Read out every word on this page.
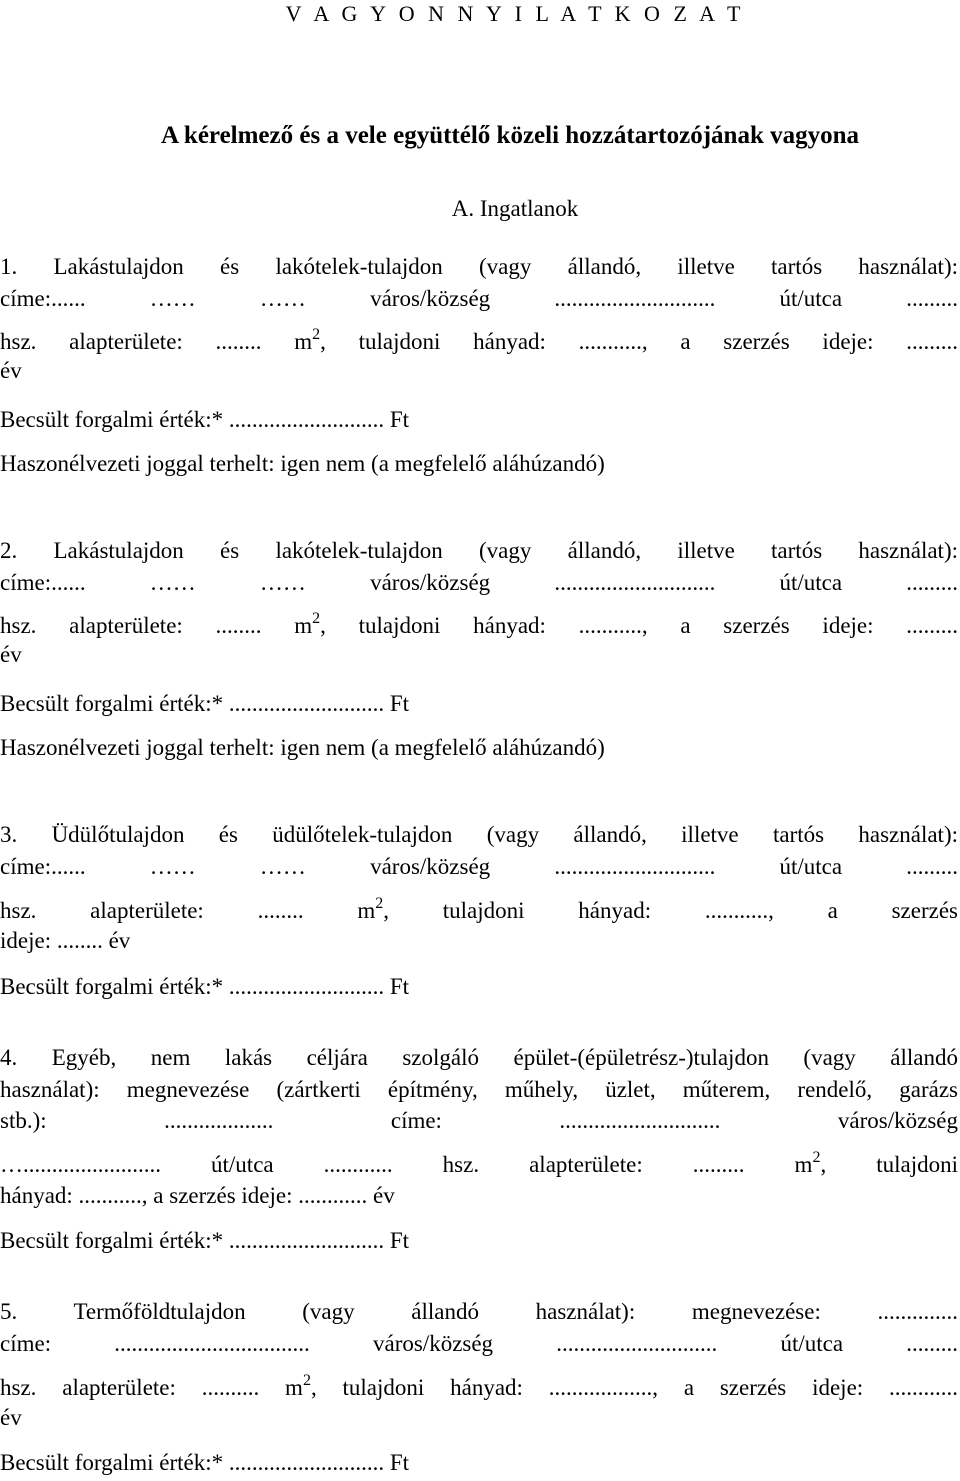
V A G Y O N N Y I L A T K O Z A T
A kérelmező és a vele együttélő közeli hozzátartozójának vagyona
A. Ingatlanok
1. Lakástulajdon és lakótelek-tulajdon (vagy állandó, illetve tartós használat):
címe:...... …… …… város/község ............................ út/utca .........
hsz. alapterülete: ........ $m^2$, tulajdoni hányad: ..........., a szerzés ideje: .........
év
Becsült forgalmi érték:* ........................... Ft
Haszonélvezeti joggal terhelt: igen nem (a megfelelő aláhúzandó)
2. Lakástulajdon és lakótelek-tulajdon (vagy állandó, illetve tartós használat):
címe:...... …… …… város/község ............................ út/utca .........
hsz. alapterülete: ........ $m^2$, tulajdoni hányad: ..........., a szerzés ideje: .........
év
Becsült forgalmi érték:* ........................... Ft
Haszonélvezeti joggal terhelt: igen nem (a megfelelő aláhúzandó)
3. Üdülőtulajdon és üdülőtelek-tulajdon (vagy állandó, illetve tartós használat):
címe:...... …… …… város/község ............................ út/utca .........
hsz. alapterülete: ........ $m^2$, tulajdoni hányad: ..........., a szerzés
ideje: ........ év
Becsült forgalmi érték:* ........................... Ft
4. Egyéb, nem lakás céljára szolgáló épület-(épületrész-)tulajdon (vagy állandó
használat): megnevezése (zártkerti építmény, műhely, üzlet, műterem, rendelő, garázs
stb.): ................... címe: ............................ város/község
…........................ út/utca ............ hsz. alapterülete: ......... $m^2$, tulajdoni
hányad: ..........., a szerzés ideje: ............ év
Becsült forgalmi érték:* ........................... Ft
5. Termőföldtulajdon (vagy állandó használat): megnevezése: ..............
címe: .................................. város/község ............................ út/utca .........
hsz. alapterülete: .......... $m^2$, tulajdoni hányad: .................., a szerzés ideje: ............
év
Becsült forgalmi érték:* ........................... Ft
